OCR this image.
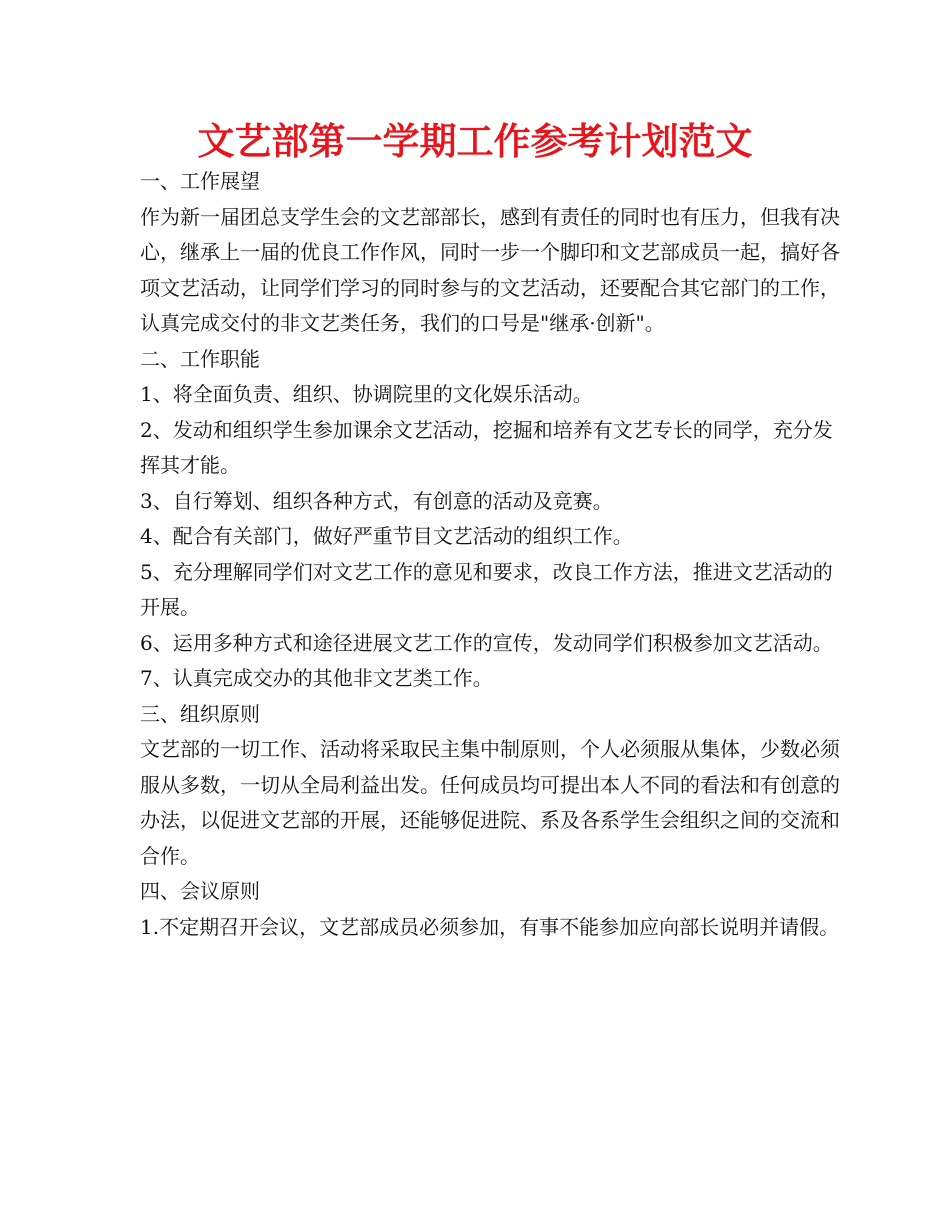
文艺部第一学期工作参考计划范文

一、工作展望

作为新一届团总支学生会的文艺部部长，感到有责任的同时也有压力，但我有决心，继承上一届的优良工作作风，同时一步一个脚印和文艺部成员一起，搞好各项文艺活动，让同学们学习的同时参与的文艺活动，还要配合其它部门的工作，认真完成交付的非文艺类任务，我们的口号是"继承·创新"。

二、工作职能

1、将全面负责、组织、协调院里的文化娱乐活动。

2、发动和组织学生参加课余文艺活动，挖掘和培养有文艺专长的同学，充分发挥其才能。

3、自行筹划、组织各种方式，有创意的活动及竞赛。

4、配合有关部门，做好严重节目文艺活动的组织工作。

5、充分理解同学们对文艺工作的意见和要求，改良工作方法，推进文艺活动的开展。

6、运用多种方式和途径进展文艺工作的宣传，发动同学们积极参加文艺活动。

7、认真完成交办的其他非文艺类工作。

三、组织原则

文艺部的一切工作、活动将采取民主集中制原则，个人必须服从集体，少数必须服从多数，一切从全局利益出发。任何成员均可提出本人不同的看法和有创意的办法，以促进文艺部的开展，还能够促进院、系及各系学生会组织之间的交流和合作。

四、会议原则

1.不定期召开会议，文艺部成员必须参加，有事不能参加应向部长说明并请假。
